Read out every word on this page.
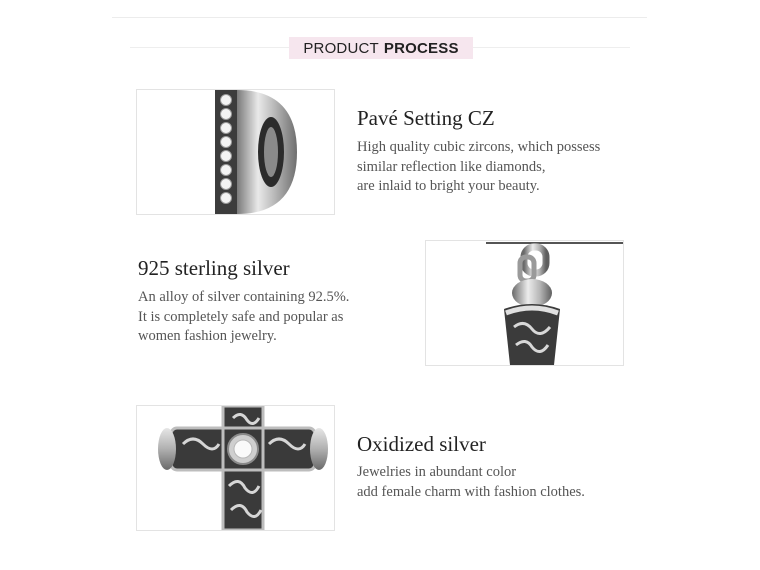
PRODUCT PROCESS
Pavé Setting CZ
High quality cubic zircons, which possess
similar reflection like diamonds,
are inlaid to bright your beauty.
925 sterling silver
An alloy of silver containing 92.5%.
It is completely safe and popular as
women fashion jewelry.
Oxidized silver
Jewelries in abundant color
add female charm with fashion clothes.
